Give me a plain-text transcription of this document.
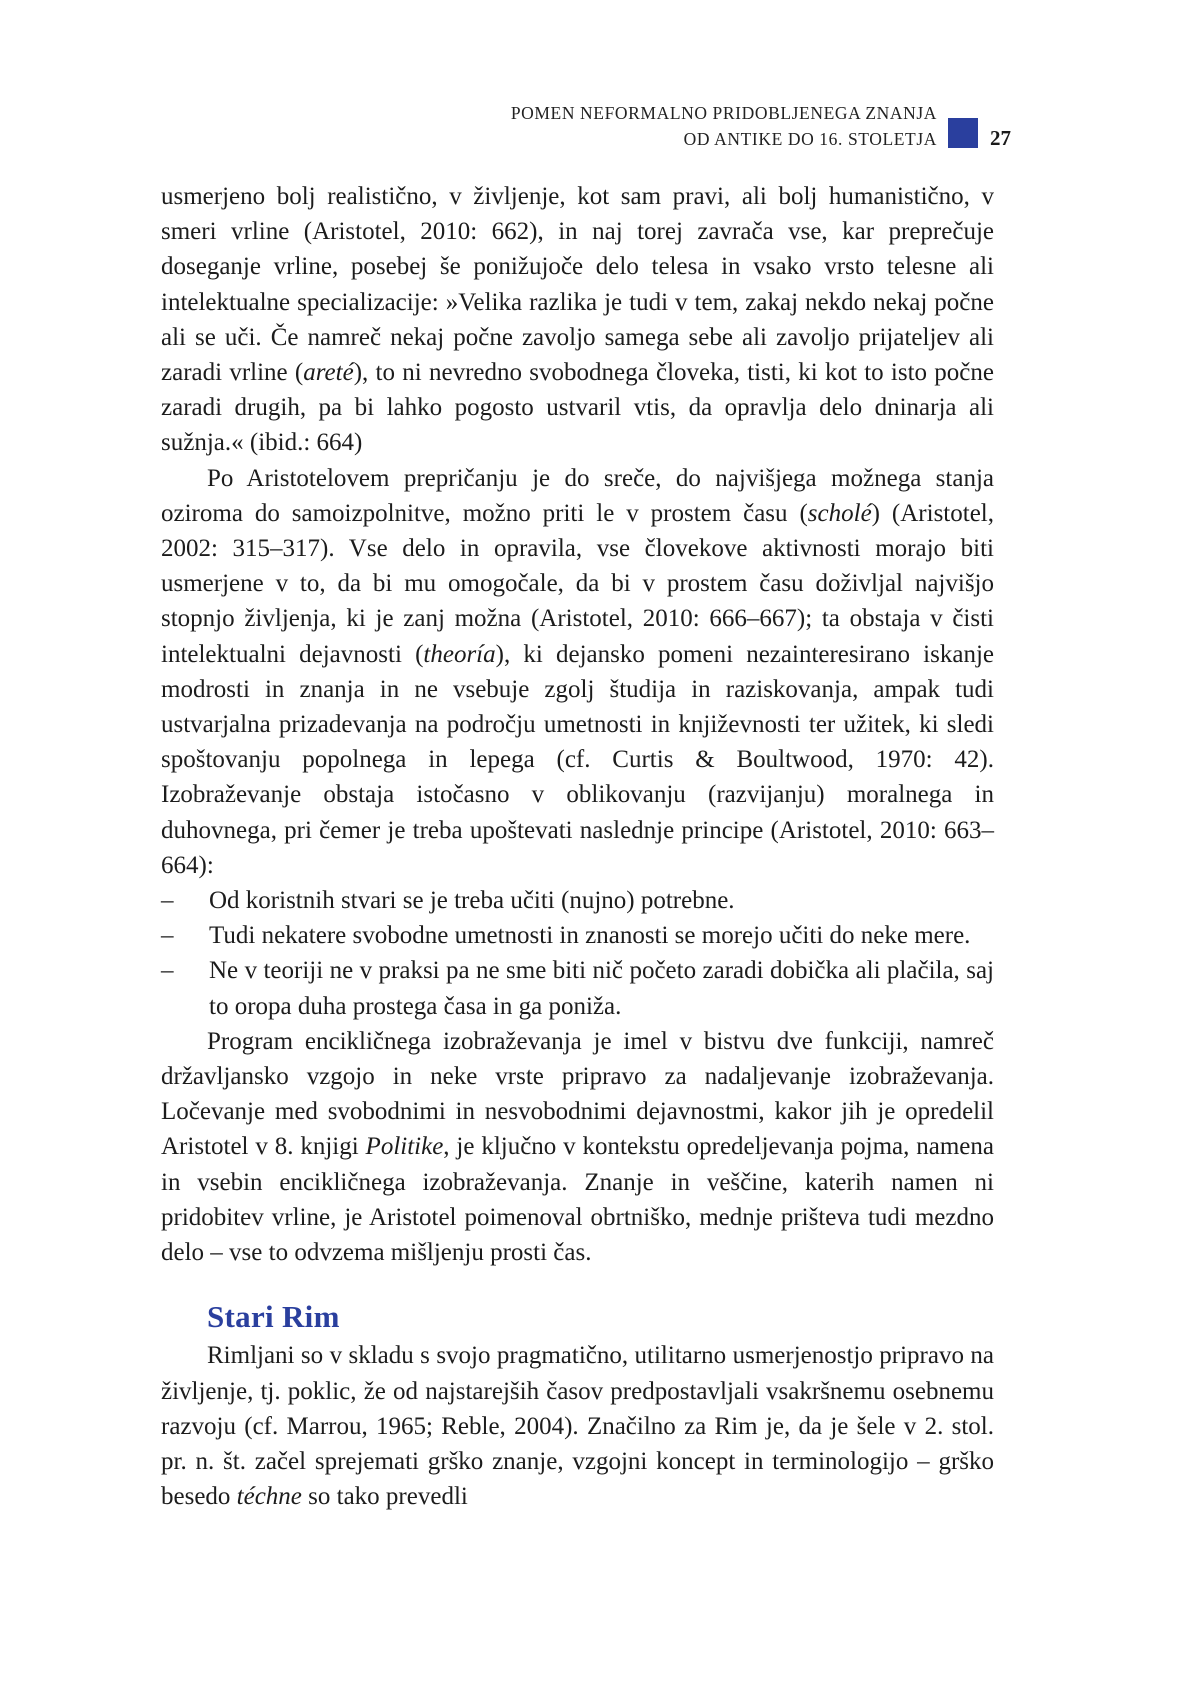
POMEN NEFORMALNO PRIDOBLJENEGA ZNANJA
OD ANTIKE DO 16. STOLETJA	27

usmerjeno bolj realistično, v življenje, kot sam pravi, ali bolj humanistično, v smeri vrline (Aristotel, 2010: 662), in naj torej zavrača vse, kar preprečuje doseganje vrline, posebej še ponižujoče delo telesa in vsako vrsto telesne ali intelektualne specializacije: »Velika razlika je tudi v tem, zakaj nekdo nekaj počne ali se uči. Če namreč nekaj počne zavoljo samega sebe ali zavoljo prijateljev ali zaradi vrline (areté), to ni nevredno svobodnega človeka, tisti, ki kot to isto počne zaradi drugih, pa bi lahko pogosto ustvaril vtis, da opravlja delo dninarja ali sužnja.« (ibid.: 664)

Po Aristotelovem prepričanju je do sreče, do najvišjega možnega stanja oziroma do samoizpolnitve, možno priti le v prostem času (scholé) (Aristotel, 2002: 315–317). Vse delo in opravila, vse človekove aktivnosti morajo biti usmerjene v to, da bi mu omogočale, da bi v prostem času doživljal najvišjo stopnjo življenja, ki je zanj možna (Aristotel, 2010: 666–667); ta obstaja v čisti intelektualni dejavnosti (theoría), ki dejansko pomeni nezainteresirano iskanje modrosti in znanja in ne vsebuje zgolj študija in raziskovanja, ampak tudi ustvarjalna prizadevanja na področju umetnosti in književnosti ter užitek, ki sledi spoštovanju popolnega in lepega (cf. Curtis & Boultwood, 1970: 42). Izobraževanje obstaja istočasno v oblikovanju (razvijanju) moralnega in duhovnega, pri čemer je treba upoštevati naslednje principe (Aristotel, 2010: 663–664):

– Od koristnih stvari se je treba učiti (nujno) potrebne.
– Tudi nekatere svobodne umetnosti in znanosti se morejo učiti do neke mere.
– Ne v teoriji ne v praksi pa ne sme biti nič početo zaradi dobička ali plačila, saj to oropa duha prostega časa in ga poniža.

Program encikličnega izobraževanja je imel v bistvu dve funkciji, namreč državljansko vzgojo in neke vrste pripravo za nadaljevanje izobraževanja. Ločevanje med svobodnimi in nesvobodnimi dejavnostmi, kakor jih je opredelil Aristotel v 8. knjigi Politike, je ključno v kontekstu opredeljevanja pojma, namena in vsebin encikličnega izobraževanja. Znanje in veščine, katerih namen ni pridobitev vrline, je Aristotel poimenoval obrtniško, mednje prišteva tudi mezdno delo – vse to odvzema mišljenju prosti čas.

Stari Rim

Rimljani so v skladu s svojo pragmatično, utilitarno usmerjenostjo pripravo na življenje, tj. poklic, že od najstarejših časov predpostavljali vsakršnemu osebnemu razvoju (cf. Marrou, 1965; Reble, 2004). Značilno za Rim je, da je šele v 2. stol. pr. n. št. začel sprejemati grško znanje, vzgojni koncept in terminologijo – grško besedo téchne so tako prevedli
